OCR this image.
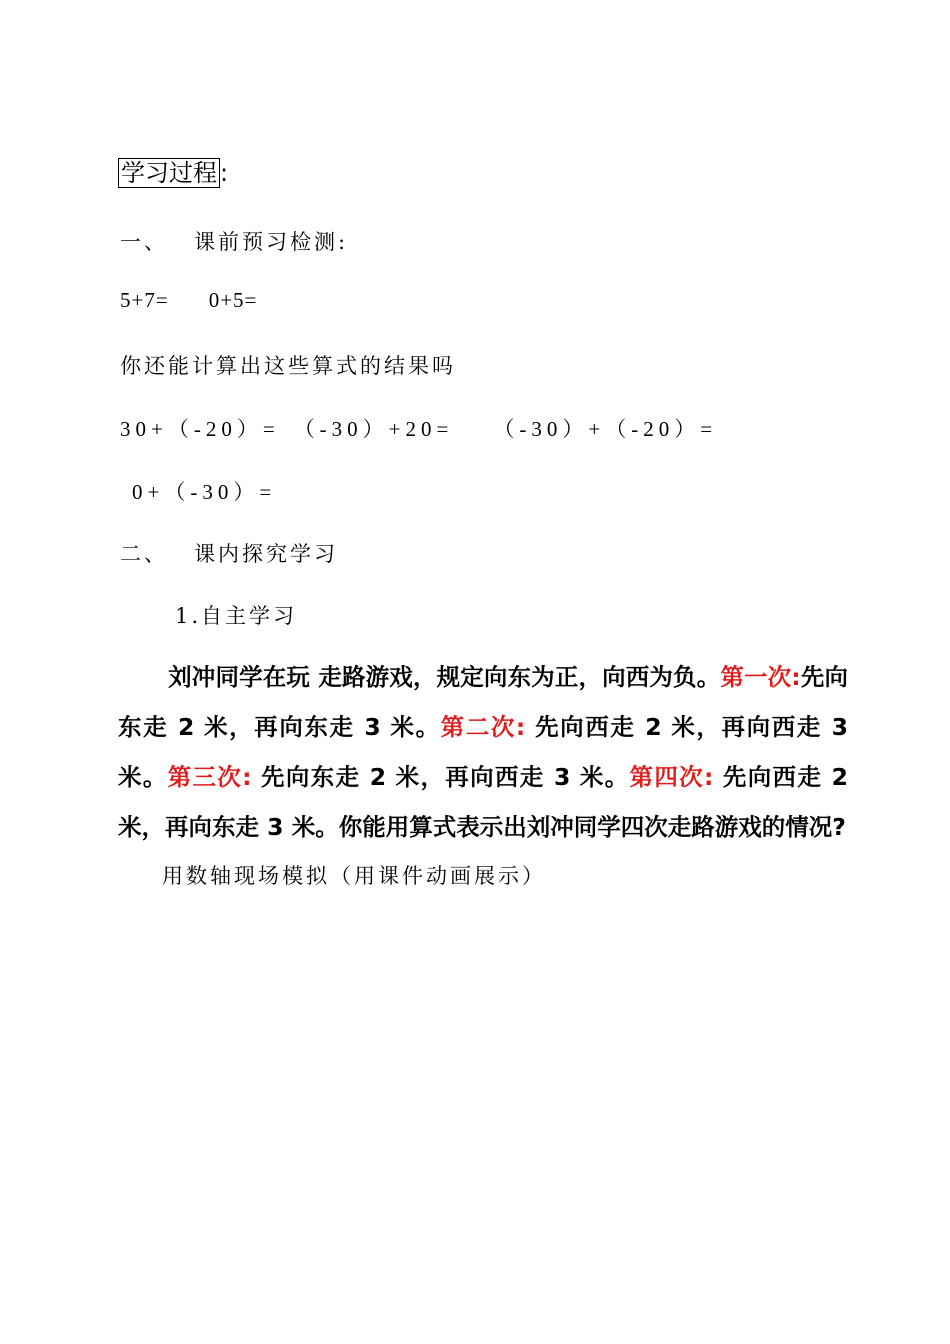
学习过程 :
一、 课前预习检测:
5+7= 0+5=
你还能计算出这些算式的结果吗
30+（-20）= （-30）+20= （-30）+（-20）=
0+（-30）=
二、 课内探究学习
1.自主学习
刘冲同学在玩 走路游戏，规定向东为正，向西为负。第一次:先向东走 2 米，再向东走 3 米。第二次: 先向西走 2 米，再向西走 3 米。第三次: 先向东走 2 米，再向西走 3 米。第四次: 先向西走 2 米，再向东走 3 米。你能用算式表示出刘冲同学四次走路游戏的情况?
用数轴现场模拟（用课件动画展示）
